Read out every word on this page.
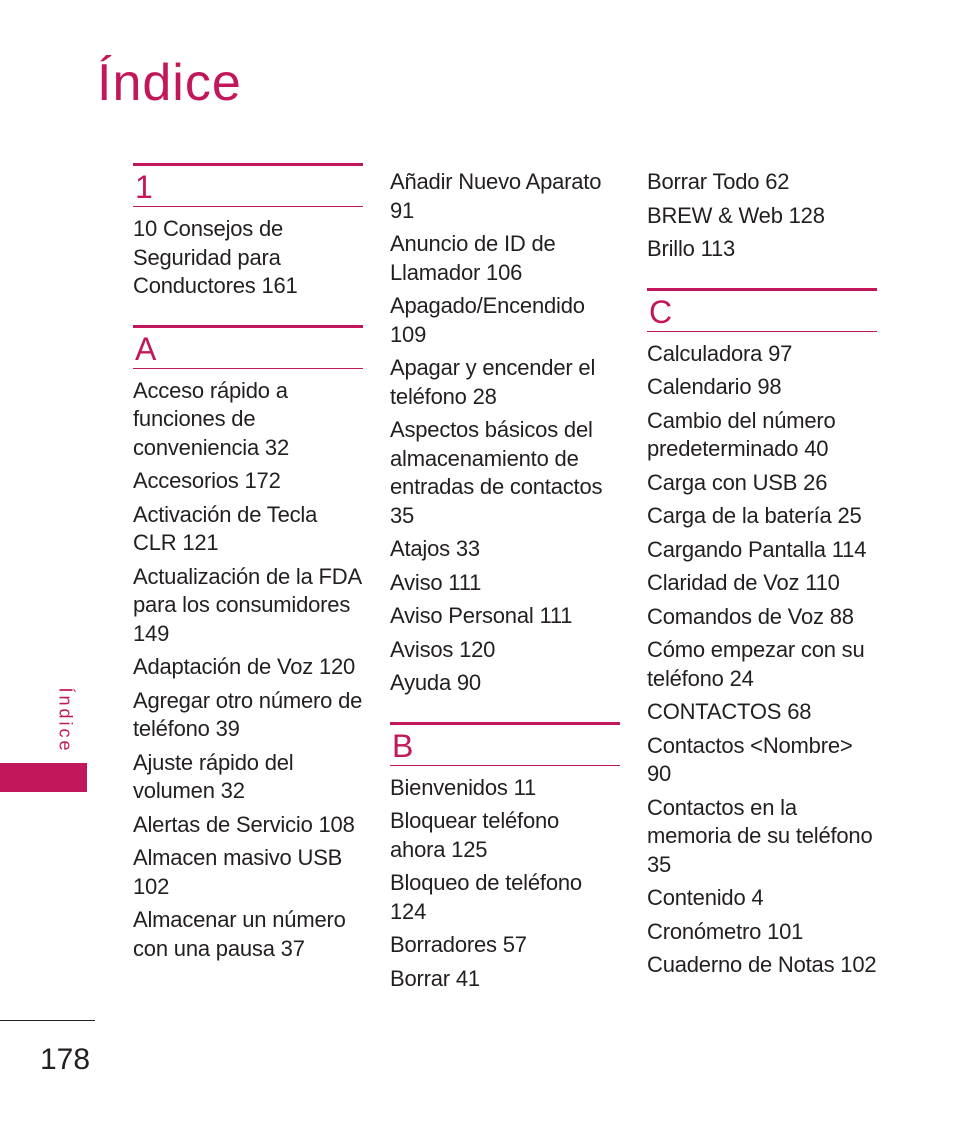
Índice
1
10 Consejos de Seguridad para Conductores 161
A
Acceso rápido a funciones de conveniencia 32
Accesorios 172
Activación de Tecla CLR 121
Actualización de la FDA para los consumidores 149
Adaptación de Voz 120
Agregar otro número de teléfono 39
Ajuste rápido del volumen 32
Alertas de Servicio 108
Almacen masivo USB 102
Almacenar un número con una pausa 37
Añadir Nuevo Aparato 91
Anuncio de ID de Llamador 106
Apagado/Encendido 109
Apagar y encender el teléfono 28
Aspectos básicos del almacenamiento de entradas de contactos 35
Atajos 33
Aviso 111
Aviso Personal 111
Avisos 120
Ayuda 90
B
Bienvenidos 11
Bloquear teléfono ahora 125
Bloqueo de teléfono 124
Borradores 57
Borrar 41
Borrar Todo 62
BREW & Web 128
Brillo 113
C
Calculadora 97
Calendario 98
Cambio del número predeterminado 40
Carga con USB 26
Carga de la batería 25
Cargando Pantalla 114
Claridad de Voz 110
Comandos de Voz 88
Cómo empezar con su teléfono 24
CONTACTOS 68
Contactos <Nombre> 90
Contactos en la memoria de su teléfono 35
Contenido 4
Cronómetro 101
Cuaderno de Notas 102
Índice
178
